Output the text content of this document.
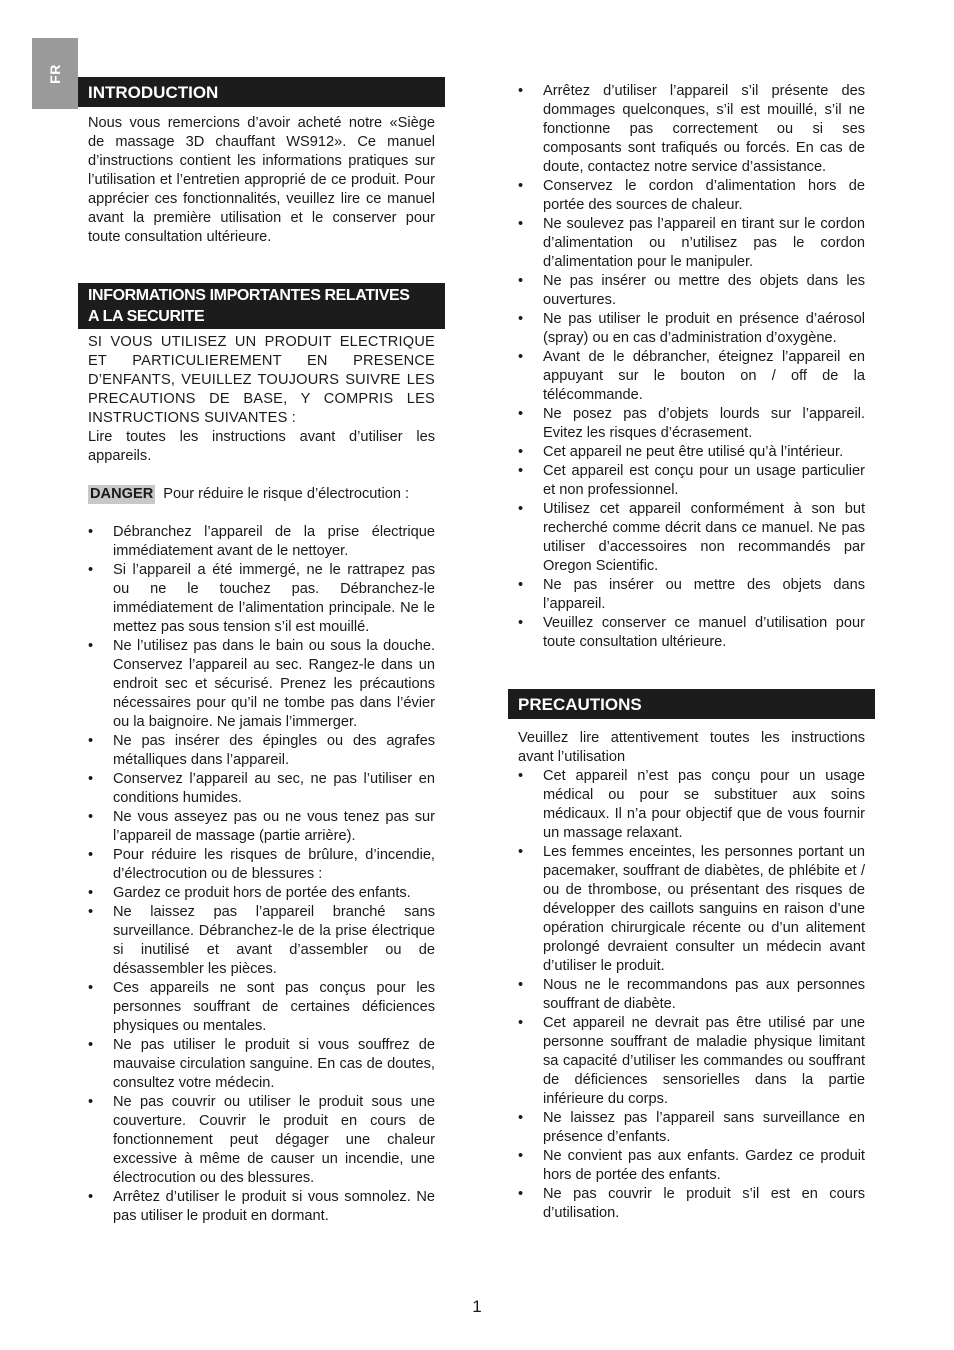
FR
INTRODUCTION

Nous vous remercions d’avoir acheté notre «Siège de massage 3D chauffant WS912». Ce manuel d’instructions contient les informations pratiques sur l’utilisation et l’entretien approprié de ce produit. Pour apprécier ces fonctionnalités, veuillez lire ce manuel avant la première utilisation et le conserver pour toute consultation ultérieure.

INFORMATIONS IMPORTANTES RELATIVES
A LA SECURITE

SI VOUS UTILISEZ UN PRODUIT ELECTRIQUE ET PARTICULIEREMENT EN PRESENCE D’ENFANTS, VEUILLEZ TOUJOURS SUIVRE LES PRECAUTIONS DE BASE, Y COMPRIS LES INSTRUCTIONS SUIVANTES :

Lire toutes les instructions avant d’utiliser les appareils.

DANGER Pour réduire le risque d’électrocution :
• Débranchez l’appareil de la prise électrique immédiatement avant de le nettoyer.
• Si l’appareil a été immergé, ne le rattrapez pas ou ne le touchez pas. Débranchez-le immédiatement de l’alimentation principale. Ne le mettez pas sous tension s’il est mouillé.
• Ne l’utilisez pas dans le bain ou sous la douche. Conservez l’appareil au sec. Rangez-le dans un endroit sec et sécurisé. Prenez les précautions nécessaires pour qu’il ne tombe pas dans l’évier ou la baignoire. Ne jamais l’immerger.
• Ne pas insérer des épingles ou des agrafes métalliques dans l’appareil.
• Conservez l’appareil au sec, ne pas l’utiliser en conditions humides.
• Ne vous asseyez pas ou ne vous tenez pas sur l’appareil de massage (partie arrière).
• Pour réduire les risques de brûlure, d’incendie, d’électrocution ou de blessures :
• Gardez ce produit hors de portée des enfants.
• Ne laissez pas l’appareil branché sans surveillance. Débranchez-le de la prise électrique si inutilisé et avant d’assembler ou de désassembler les pièces.
• Ces appareils ne sont pas conçus pour les personnes souffrant de certaines déficiences physiques ou mentales.
• Ne pas utiliser le produit si vous souffrez de mauvaise circulation sanguine. En cas de doutes, consultez votre médecin.
• Ne pas couvrir ou utiliser le produit sous une couverture. Couvrir le produit en cours de fonctionnement peut dégager une chaleur excessive à même de causer un incendie, une électrocution ou des blessures.
• Arrêtez d’utiliser le produit si vous somnolez. Ne pas utiliser le produit en dormant.
• Arrêtez d’utiliser l’appareil s’il présente des dommages quelconques, s’il est mouillé, s’il ne fonctionne pas correctement ou si ses composants sont trafiqués ou forcés. En cas de doute, contactez notre service d’assistance.
• Conservez le cordon d’alimentation hors de portée des sources de chaleur.
• Ne soulevez pas l’appareil en tirant sur le cordon d’alimentation ou n’utilisez pas le cordon d’alimentation pour le manipuler.
• Ne pas insérer ou mettre des objets dans les ouvertures.
• Ne pas utiliser le produit en présence d’aérosol (spray) ou en cas d’administration d’oxygène.
• Avant de le débrancher, éteignez l’appareil en appuyant sur le bouton on / off de la télécommande.
• Ne posez pas d’objets lourds sur l’appareil. Evitez les risques d’écrasement.
• Cet appareil ne peut être utilisé qu’à l’intérieur.
• Cet appareil est conçu pour un usage particulier et non professionnel.
• Utilisez cet appareil conformément à son but recherché comme décrit dans ce manuel. Ne pas utiliser d’accessoires non recommandés par Oregon Scientific.
• Ne pas insérer ou mettre des objets dans l’appareil.
• Veuillez conserver ce manuel d’utilisation pour toute consultation ultérieure.
PRECAUTIONS

Veuillez lire attentivement toutes les instructions avant l’utilisation

• Cet appareil n’est pas conçu pour un usage médical ou pour se substituer aux soins médicaux. Il n’a pour objectif que de vous fournir un massage relaxant.
• Les femmes enceintes, les personnes portant un pacemaker, souffrant de diabètes, de phlébite et / ou de thrombose, ou présentant des risques de développer des caillots sanguins en raison d’une opération chirurgicale récente ou d’un alitement prolongé devraient consulter un médecin avant d’utiliser le produit.
• Nous ne le recommandons pas aux personnes souffrant de diabète.
• Cet appareil ne devrait pas être utilisé par une personne souffrant de maladie physique limitant sa capacité d’utiliser les commandes ou souffrant de déficiences sensorielles dans la partie inférieure du corps.
• Ne laissez pas l’appareil sans surveillance en présence d’enfants.
• Ne convient pas aux enfants. Gardez ce produit hors de portée des enfants.
• Ne pas couvrir le produit s’il est en cours d’utilisation.
1
